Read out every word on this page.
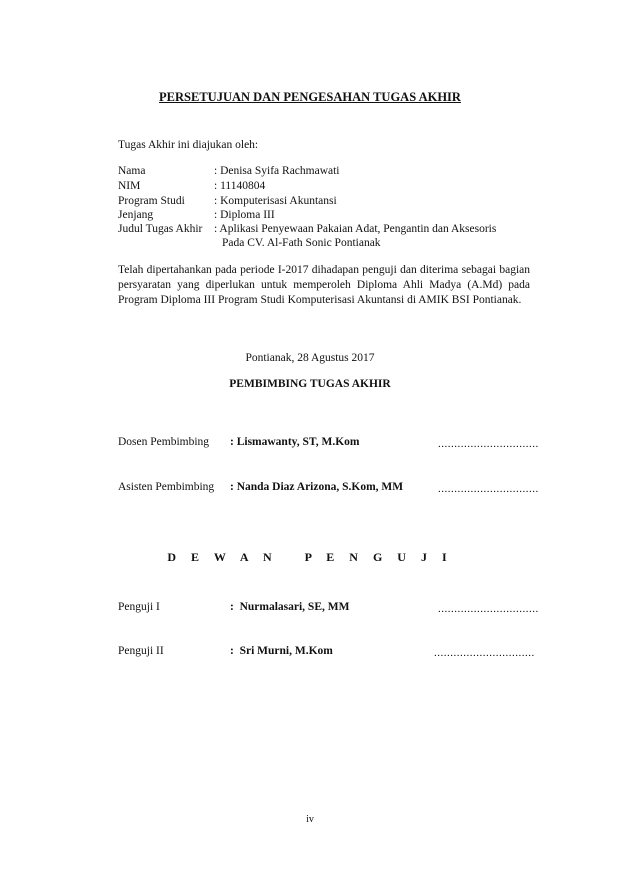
PERSETUJUAN DAN PENGESAHAN TUGAS AKHIR
Tugas Akhir ini diajukan oleh:
Nama	: Denisa Syifa Rachmawati
NIM	: 11140804
Program Studi	: Komputerisasi Akuntansi
Jenjang	: Diploma III
Judul Tugas Akhir : Aplikasi Penyewaan Pakaian Adat, Pengantin dan Aksesoris
Pada CV. Al-Fath Sonic Pontianak
Telah dipertahankan pada periode I-2017 dihadapan penguji dan diterima sebagai bagian persyaratan yang diperlukan untuk memperoleh Diploma Ahli Madya (A.Md) pada Program Diploma III Program Studi Komputerisasi Akuntansi di AMIK BSI Pontianak.
Pontianak, 28 Agustus 2017
PEMBIMBING TUGAS AKHIR
Dosen Pembimbing : Lismawanty, ST, M.Kom	...............................
Asisten Pembimbing : Nanda Diaz Arizona, S.Kom, MM	...............................
D E W A N   P E N G U J I
Penguji I	:  Nurmalasari, SE, MM	...............................
Penguji II	:  Sri Murni, M.Kom	...............................
iv
